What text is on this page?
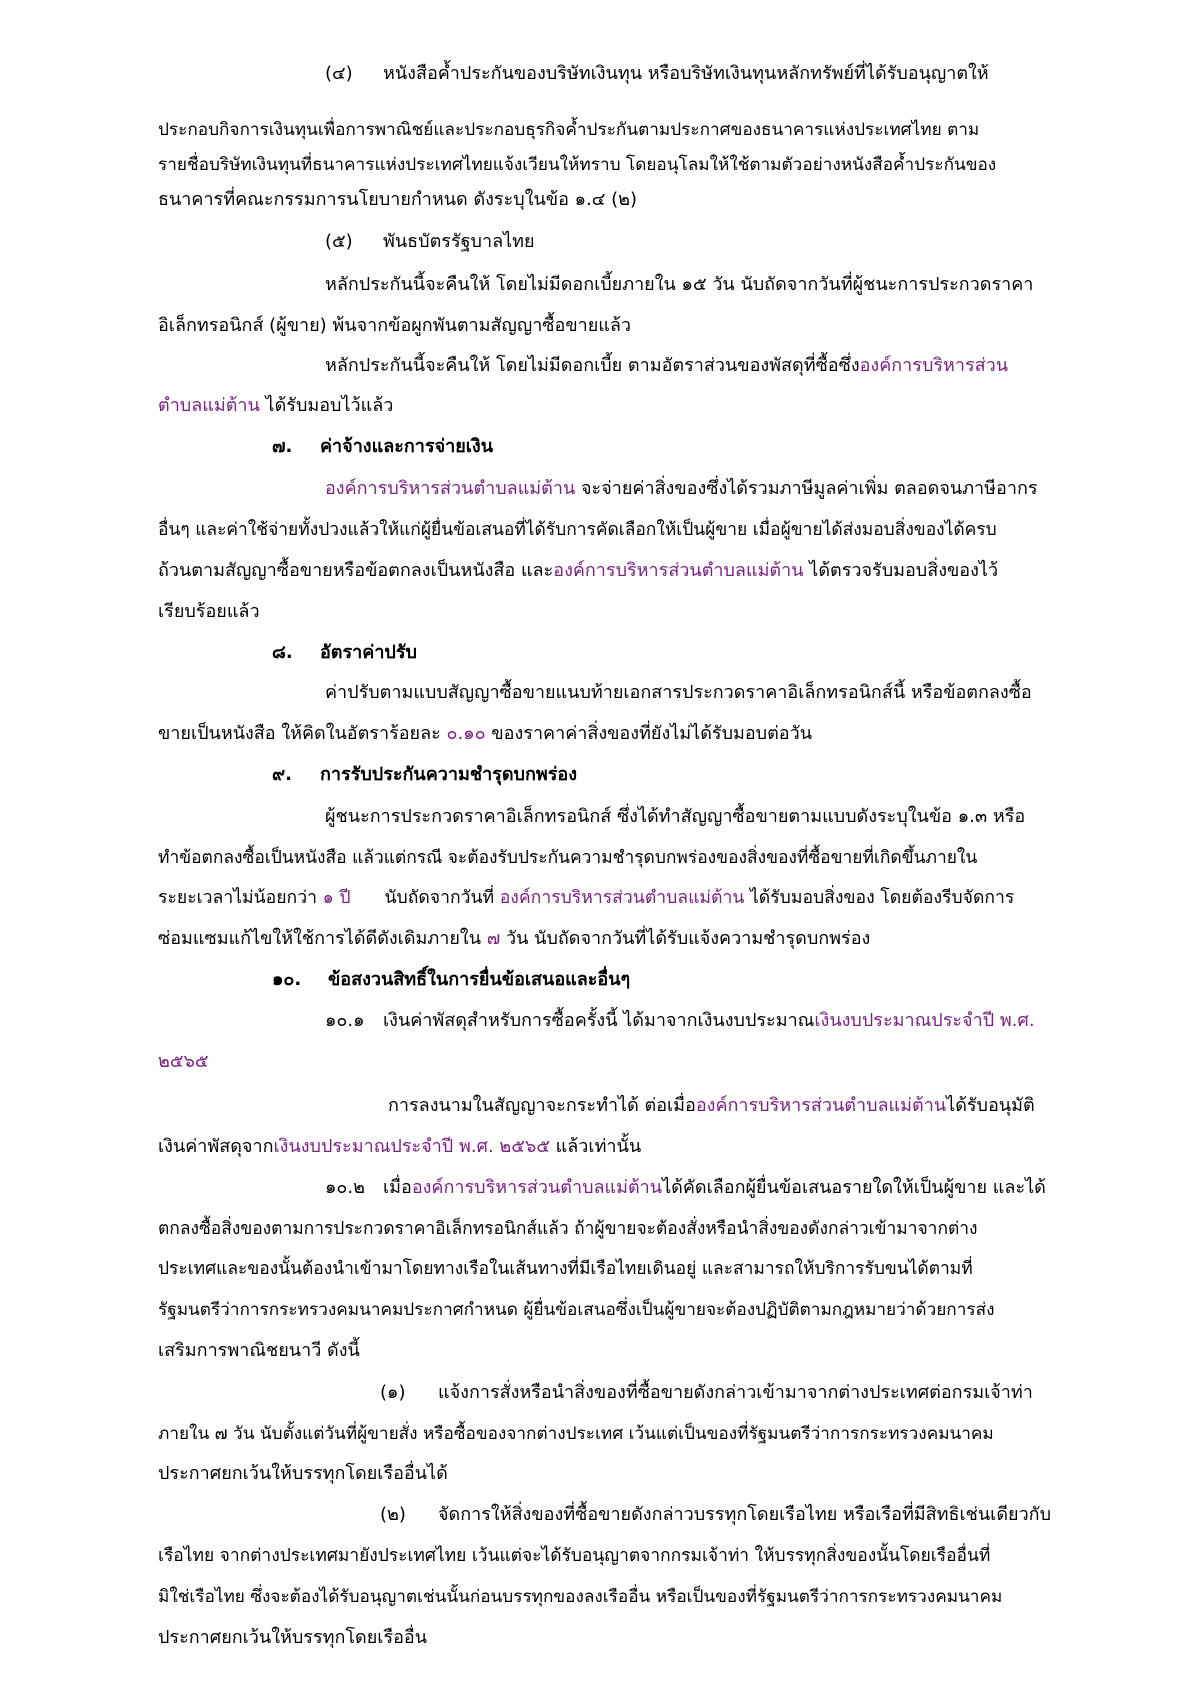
(๔) หนังสือค้ำประกันของบริษัทเงินทุน หรือบริษัทเงินทุนหลักทรัพย์ที่ได้รับอนุญาตให้
ประกอบกิจการเงินทุนเพื่อการพาณิชย์และประกอบธุรกิจค้ำประกันตามประกาศของธนาคารแห่งประเทศไทย ตาม
รายชื่อบริษัทเงินทุนที่ธนาคารแห่งประเทศไทยแจ้งเวียนให้ทราบ โดยอนุโลมให้ใช้ตามตัวอย่างหนังสือค้ำประกันของ
ธนาคารที่คณะกรรมการนโยบายกำหนด ดังระบุในข้อ ๑.๔ (๒)
(๕) พันธบัตรรัฐบาลไทย
หลักประกันนี้จะคืนให้ โดยไม่มีดอกเบี้ยภายใน ๑๕ วัน นับถัดจากวันที่ผู้ชนะการประกวดราคา
อิเล็กทรอนิกส์ (ผู้ขาย) พ้นจากข้อผูกพันตามสัญญาซื้อขายแล้ว
หลักประกันนี้จะคืนให้ โดยไม่มีดอกเบี้ย ตามอัตราส่วนของพัสดุที่ซื้อซึ่งองค์การบริหารส่วน
ตำบลแม่ต้าน ได้รับมอบไว้แล้ว
๗. ค่าจ้างและการจ่ายเงิน
องค์การบริหารส่วนตำบลแม่ต้าน จะจ่ายค่าสิ่งของซึ่งได้รวมภาษีมูลค่าเพิ่ม ตลอดจนภาษีอากร
อื่นๆ และค่าใช้จ่ายทั้งปวงแล้วให้แก่ผู้ยื่นข้อเสนอที่ได้รับการคัดเลือกให้เป็นผู้ขาย เมื่อผู้ขายได้ส่งมอบสิ่งของได้ครบ
ถ้วนตามสัญญาซื้อขายหรือข้อตกลงเป็นหนังสือ และองค์การบริหารส่วนตำบลแม่ต้าน ได้ตรวจรับมอบสิ่งของไว้
เรียบร้อยแล้ว
๘. อัตราค่าปรับ
ค่าปรับตามแบบสัญญาซื้อขายแนบท้ายเอกสารประกวดราคาอิเล็กทรอนิกส์นี้ หรือข้อตกลงซื้อ
ขายเป็นหนังสือ ให้คิดในอัตราร้อยละ ๐.๑๐ ของราคาค่าสิ่งของที่ยังไม่ได้รับมอบต่อวัน
๙. การรับประกันความชำรุดบกพร่อง
ผู้ชนะการประกวดราคาอิเล็กทรอนิกส์ ซึ่งได้ทำสัญญาซื้อขายตามแบบดังระบุในข้อ ๑.๓ หรือ
ทำข้อตกลงซื้อเป็นหนังสือ แล้วแต่กรณี จะต้องรับประกันความชำรุดบกพร่องของสิ่งของที่ซื้อขายที่เกิดขึ้นภายใน
ระยะเวลาไม่น้อยกว่า ๑ ปี นับถัดจากวันที่ องค์การบริหารส่วนตำบลแม่ต้าน ได้รับมอบสิ่งของ โดยต้องรีบจัดการ
ซ่อมแซมแก้ไขให้ใช้การได้ดีดังเดิมภายใน ๗ วัน นับถัดจากวันที่ได้รับแจ้งความชำรุดบกพร่อง
๑๐. ข้อสงวนสิทธิ์ในการยื่นข้อเสนอและอื่นๆ
๑๐.๑ เงินค่าพัสดุสำหรับการซื้อครั้งนี้ ได้มาจากเงินงบประมาณเงินงบประมาณประจำปี พ.ศ.
๒๕๖๕
การลงนามในสัญญาจะกระทำได้ ต่อเมื่อองค์การบริหารส่วนตำบลแม่ต้านได้รับอนุมัติ
เงินค่าพัสดุจากเงินงบประมาณประจำปี พ.ศ. ๒๕๖๕ แล้วเท่านั้น
๑๐.๒ เมื่อองค์การบริหารส่วนตำบลแม่ต้านได้คัดเลือกผู้ยื่นข้อเสนอรายใดให้เป็นผู้ขาย และได้
ตกลงซื้อสิ่งของตามการประกวดราคาอิเล็กทรอนิกส์แล้ว ถ้าผู้ขายจะต้องสั่งหรือนำสิ่งของดังกล่าวเข้ามาจากต่าง
ประเทศและของนั้นต้องนำเข้ามาโดยทางเรือในเส้นทางที่มีเรือไทยเดินอยู่ และสามารถให้บริการรับขนได้ตามที่
รัฐมนตรีว่าการกระทรวงคมนาคมประกาศกำหนด ผู้ยื่นข้อเสนอซึ่งเป็นผู้ขายจะต้องปฏิบัติตามกฎหมายว่าด้วยการส่ง
เสริมการพาณิชยนาวี ดังนี้
(๑) แจ้งการสั่งหรือนำสิ่งของที่ซื้อขายดังกล่าวเข้ามาจากต่างประเทศต่อกรมเจ้าท่า
ภายใน ๗ วัน นับตั้งแต่วันที่ผู้ขายสั่ง หรือซื้อของจากต่างประเทศ เว้นแต่เป็นของที่รัฐมนตรีว่าการกระทรวงคมนาคม
ประกาศยกเว้นให้บรรทุกโดยเรืออื่นได้
(๒) จัดการให้สิ่งของที่ซื้อขายดังกล่าวบรรทุกโดยเรือไทย หรือเรือที่มีสิทธิเช่นเดียวกับ
เรือไทย จากต่างประเทศมายังประเทศไทย เว้นแต่จะได้รับอนุญาตจากกรมเจ้าท่า ให้บรรทุกสิ่งของนั้นโดยเรืออื่นที่
มิใช่เรือไทย ซึ่งจะต้องได้รับอนุญาตเช่นนั้นก่อนบรรทุกของลงเรืออื่น หรือเป็นของที่รัฐมนตรีว่าการกระทรวงคมนาคม
ประกาศยกเว้นให้บรรทุกโดยเรืออื่น
